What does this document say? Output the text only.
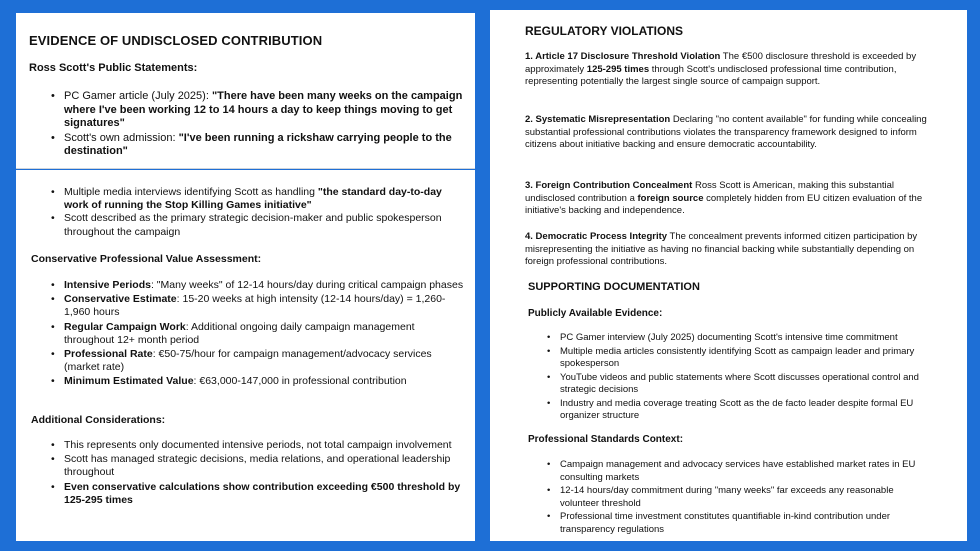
EVIDENCE OF UNDISCLOSED CONTRIBUTION
Ross Scott's Public Statements:
• PC Gamer article (July 2025): "There have been many weeks on the campaign where I've been working 12 to 14 hours a day to keep things moving to get signatures"
• Scott's own admission: "I've been running a rickshaw carrying people to the destination"
• Multiple media interviews identifying Scott as handling "the standard day-to-day work of running the Stop Killing Games initiative"
• Scott described as the primary strategic decision-maker and public spokesperson throughout the campaign
Conservative Professional Value Assessment:
• Intensive Periods: "Many weeks" of 12-14 hours/day during critical campaign phases
• Conservative Estimate: 15-20 weeks at high intensity (12-14 hours/day) = 1,260-1,960 hours
• Regular Campaign Work: Additional ongoing daily campaign management throughout 12+ month period
• Professional Rate: €50-75/hour for campaign management/advocacy services (market rate)
• Minimum Estimated Value: €63,000-147,000 in professional contribution
Additional Considerations:
• This represents only documented intensive periods, not total campaign involvement
• Scott has managed strategic decisions, media relations, and operational leadership throughout
• Even conservative calculations show contribution exceeding €500 threshold by 125-295 times
REGULATORY VIOLATIONS

1. Article 17 Disclosure Threshold Violation The €500 disclosure threshold is exceeded by approximately 125-295 times through Scott's undisclosed professional time contribution, representing potentially the largest single source of campaign support.

2. Systematic Misrepresentation Declaring "no content available" for funding while concealing substantial professional contributions violates the transparency framework designed to inform citizens about initiative backing and ensure democratic accountability.

3. Foreign Contribution Concealment Ross Scott is American, making this substantial undisclosed contribution a foreign source completely hidden from EU citizen evaluation of the initiative's backing and independence.

4. Democratic Process Integrity The concealment prevents informed citizen participation by misrepresenting the initiative as having no financial backing while substantially depending on foreign professional contributions.

SUPPORTING DOCUMENTATION
Publicly Available Evidence:
• PC Gamer interview (July 2025) documenting Scott's intensive time commitment
• Multiple media articles consistently identifying Scott as campaign leader and primary spokesperson
• YouTube videos and public statements where Scott discusses operational control and strategic decisions
• Industry and media coverage treating Scott as the de facto leader despite formal EU organizer structure
Professional Standards Context:
• Campaign management and advocacy services have established market rates in EU consulting markets
• 12-14 hours/day commitment during "many weeks" far exceeds any reasonable volunteer threshold
• Professional time investment constitutes quantifiable in-kind contribution under transparency regulations
